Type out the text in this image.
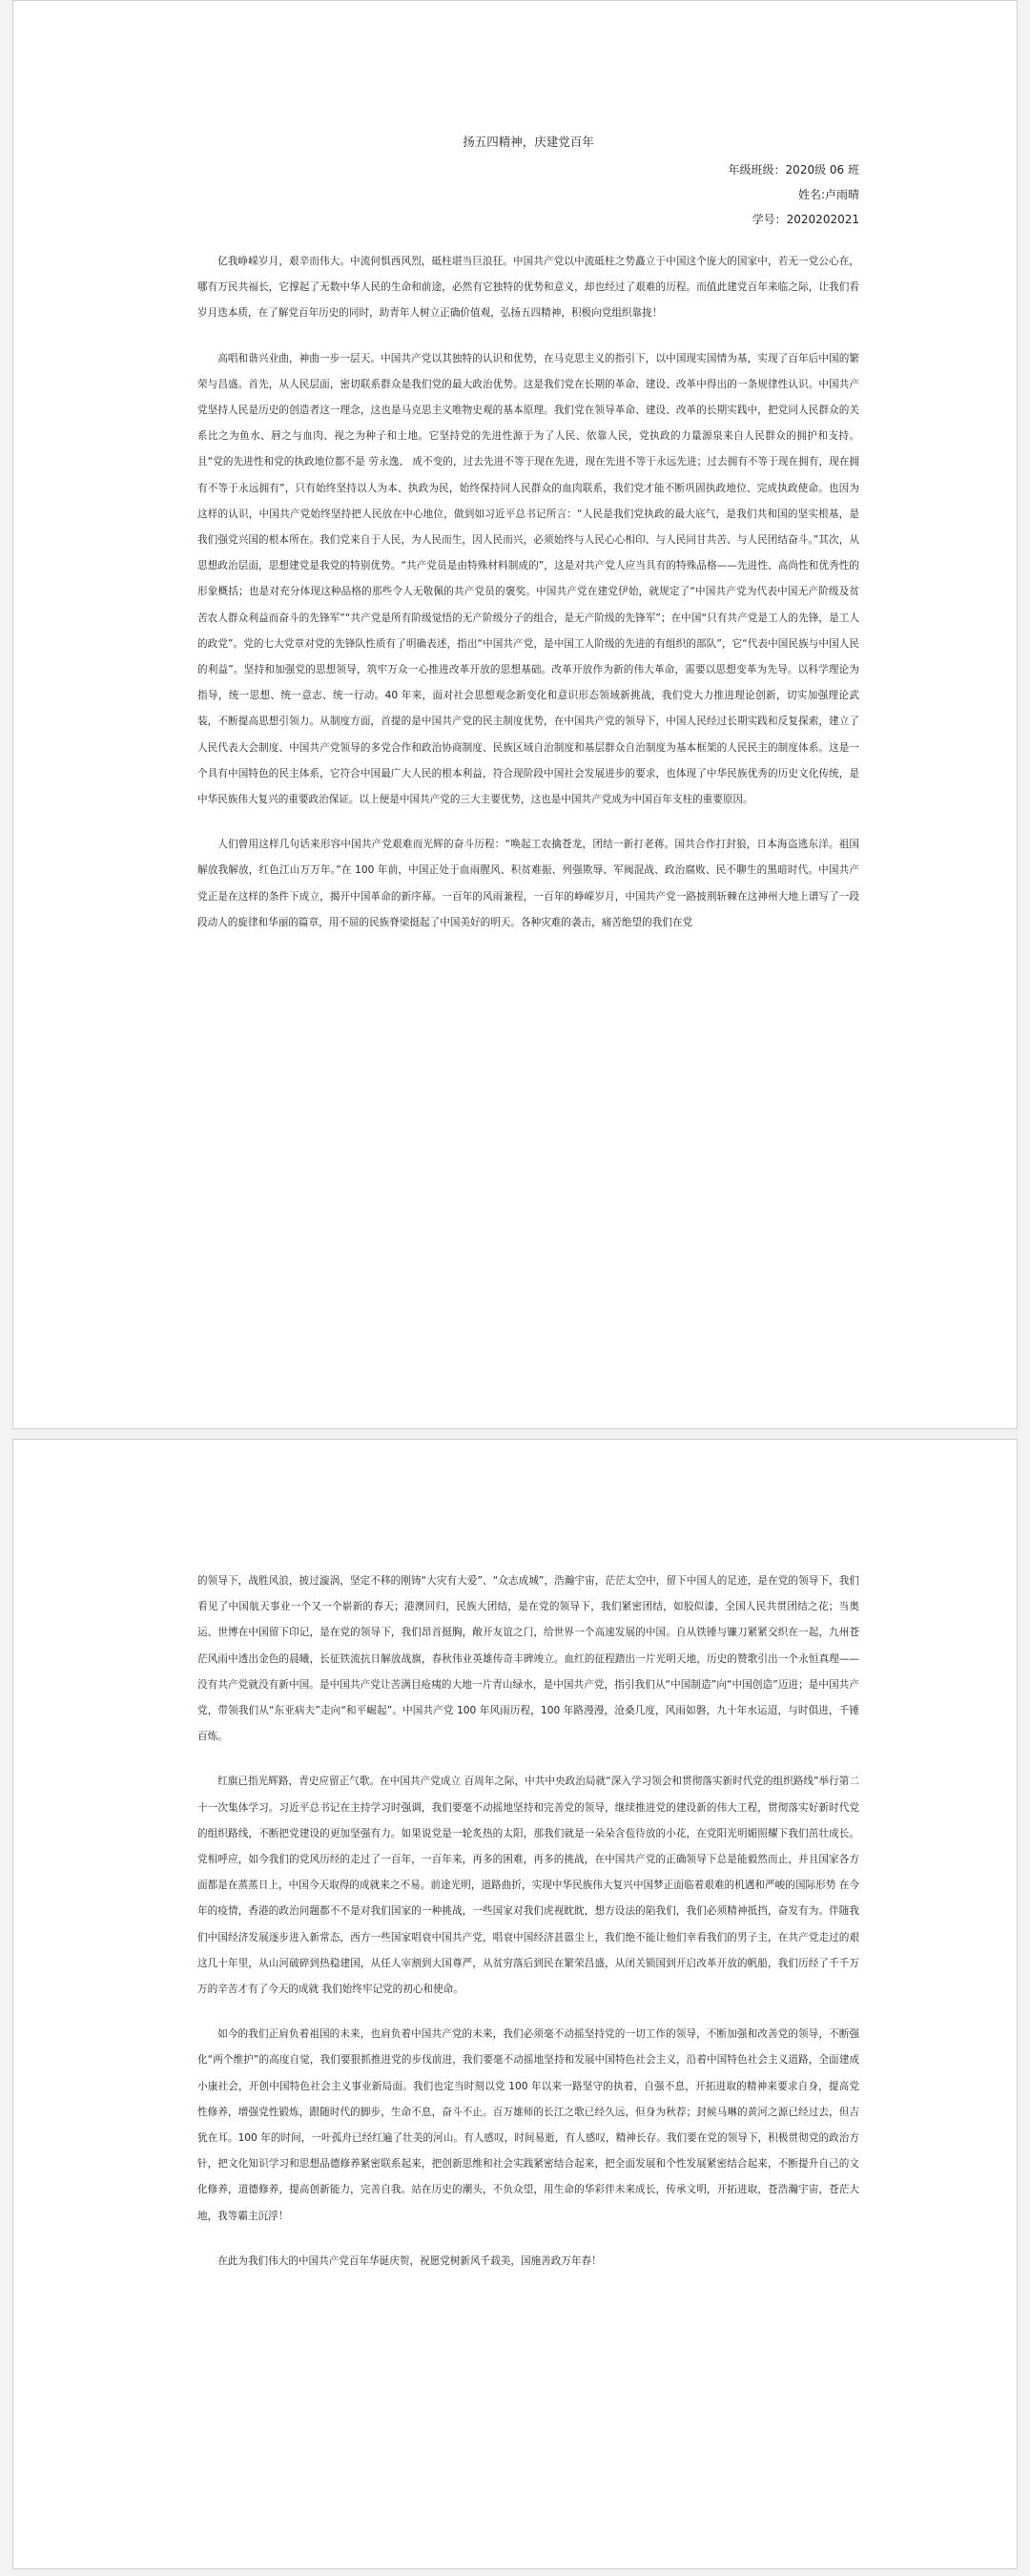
扬五四精神，庆建党百年

年级班级：2020级 06 班

姓名:卢雨晴

学号：2020202021

亿我峥嵘岁月，艰辛而伟大。中流何惧西风烈，砥柱堪当巨浪狂。中国共产党以中流砥柱之势矗立于中国这个庞大的国家中，若无一党公心在，哪有万民共福长，它撑起了无数中华人民的生命和前途，必然有它独特的优势和意义，却也经过了艰难的历程。而值此建党百年来临之际，让我们看岁月迭本质，在了解党百年历史的同时，助青年人树立正确价值观，弘扬五四精神，积极向党组织靠拢！

高唱和谐兴业曲，神曲一步一层天。中国共产党以其独特的认识和优势，在马克思主义的指引下，以中国现实国情为基，实现了百年后中国的繁荣与昌盛。首先，从人民层面，密切联系群众是我们党的最大政治优势。这是我们党在长期的革命、建设、改革中得出的一条规律性认识。中国共产党坚持人民是历史的创造者这一理念，这也是马克思主义唯物史观的基本原理。我们党在领导革命、建设、改革的长期实践中，把党同人民群众的关系比之为鱼水、唇之与血肉、视之为种子和土地。它坚持党的先进性源于为了人民、依靠人民，党执政的力量源泉来自人民群众的拥护和支持。且“党的先进性和党的执政地位都不是 劳永逸、 成不变的，过去先进不等于现在先进，现在先进不等于永远先进；过去拥有不等于现在拥有，现在拥有不等于永远拥有”，只有始终坚持以人为本、执政为民，始终保持同人民群众的血肉联系，我们党才能不断巩固执政地位、完成执政使命。也因为这样的认识，中国共产党始终坚持把人民放在中心地位，做到如习近平总书记所言：“人民是我们党执政的最大底气，是我们共和国的坚实根基，是我们强党兴国的根本所在。我们党来自于人民，为人民而生，因人民而兴，必须始终与人民心心相印、与人民同甘共苦、与人民团结奋斗。”其次，从思想政治层面，思想建党是我党的特别优势。“共产党员是由特殊材料制成的”，这是对共产党人应当具有的特殊品格——先进性、高尚性和优秀性的形象概括；也是对充分体现这种品格的那些令人无敬佩的共产党员的褒奖。中国共产党在建党伊始，就规定了“中国共产党为代表中国无产阶级及贫苦农人群众利益而奋斗的先锋军”“共产党是所有阶级觉悟的无产阶级分子的组合，是无产阶级的先锋军”；在中国“只有共产党是工人的先锋，是工人的政党”。党的七大党章对党的先锋队性质有了明确表述，指出“中国共产党，是中国工人阶级的先进的有组织的部队”，它“代表中国民族与中国人民的利益”。坚持和加强党的思想领导，筑牢万众一心推进改革开放的思想基础。改革开放作为新的伟大革命，需要以思想变革为先导。以科学理论为指导，统一思想、统一意志、统一行动。40 年来，面对社会思想观念新变化和意识形态领域新挑战，我们党大力推进理论创新，切实加强理论武装，不断提高思想引领力。从制度方面，首提的是中国共产党的民主制度优势，在中国共产党的领导下，中国人民经过长期实践和反复探索，建立了人民代表大会制度、中国共产党领导的多党合作和政治协商制度、民族区域自治制度和基层群众自治制度为基本框架的人民民主的制度体系。这是一个具有中国特色的民主体系，它符合中国最广大人民的根本利益，符合现阶段中国社会发展进步的要求，也体现了中华民族优秀的历史文化传统，是中华民族伟大复兴的重要政治保证。以上便是中国共产党的三大主要优势，这也是中国共产党成为中国百年支柱的重要原因。

人们曾用这样几句话来形容中国共产党艰难而光辉的奋斗历程：“唤起工农擒苍龙，团结一新打老蒋。国共合作打封狼，日本海盗逃东洋。祖国解放我解放，红色江山万万年。”在 100 年前，中国正处于血雨腥风、积贫难振、列强欺辱、军阀混战、政治腐败、民不聊生的黑暗时代。中国共产党正是在这样的条件下成立，揭开中国革命的新序幕。一百年的风雨兼程，一百年的峥嵘岁月，中国共产党一路披荆斩棘在这神州大地上谱写了一段段动人的旋律和华丽的篇章，用不屈的民族脊梁挺起了中国美好的明天。各种灾难的袭击，痛苦绝望的我们在党

的领导下，战胜风浪，披过漩涡，坚定不移的刚铸“大灾有大爱”、“众志成城”，浩瀚宇宙，茫茫太空中，留下中国人的足迹，是在党的领导下，我们看见了中国航天事业一个又一个崭新的春天；港澳回归，民族大团结，是在党的领导下，我们紧密团结，如胶似漆，全国人民共贯团结之花；当奥运、世博在中国留下印记，是在党的领导下，我们昂首挺胸，敞开友谊之门，给世界一个高速发展的中国。自从铁锤与镰刀紧紧交织在一起，九州苍茫风雨中透出金色的晨曦，长征铁流抗日解放战旗，春秋伟业英雄传奇丰碑竣立。血红的征程踏出一片光明天地，历史的赞歌引出一个永恒真理——没有共产党就没有新中国。是中国共产党让苦满目疮痍的大地一片青山绿水，是中国共产党，指引我们从“中国制造”向“中国创造”迈进；是中国共产党，带领我们从“东亚病夫”走向“和平崛起”。中国共产党 100 年风雨历程，100 年路漫漫，沧桑几度，风雨如磐，九十年水运迢，与时俱进，千锤百炼。

红旗已指光辉路，青史应留正气歌。在中国共产党成立 百周年之际，中共中央政治局就“深入学习领会和贯彻落实新时代党的组织路线”举行第二十一次集体学习。习近平总书记在主持学习时强调，我们要毫不动摇地坚持和完善党的领导，继续推进党的建设新的伟大工程，贯彻落实好新时代党的组织路线，不断把党建设的更加坚强有力。如果说党是一轮炙热的太阳，那我们就是一朵朵含苞待放的小花，在党阳光明媚照耀下我们茁壮成长。党相呼应，如今我们的党风历经的走过了一百年，一百年来，再多的困难，再多的挑战，在中国共产党的正确领导下总是能毅然而止，并且国家各方面都是在蒸蒸日上，中国今天取得的成就来之不易。前途光明，道路曲折，实现中华民族伟大复兴中国梦正面临着艰难的机遇和严峻的国际形势 在今年的疫情，香港的政治问题都不不是对我们国家的一种挑战，一些国家对我们虎视眈眈，想方设法的陷我们，我们必须精神抵挡，奋发有为。伴随我们中国经济发展逐步进入新常态，西方一些国家唱衰中国共产党，唱衰中国经济甚嚣尘上，我们绝不能让他们幸看我们的男子主，在共产党走过的艰这几十年里，从山河破碎到热稳建国，从任人宰割到大国尊严，从贫穷落后到民在繁荣昌盛，从闭关锁国到开启改革开放的帆船，我们历经了千千万万的辛苦才有了今天的成就 我们始终牢记党的初心和使命。

如今的我们正肩负着祖国的未来，也肩负着中国共产党的未来，我们必须毫不动摇坚持党的一切工作的领导，不断加强和改善党的领导，不断强化“两个维护”的高度自觉，我们要狠抓推进党的步伐前进，我们要毫不动摇地坚持和发展中国特色社会主义，沿着中国特色社会主义道路，全面建成小康社会，开创中国特色社会主义事业新局面。我们也定当时刻以党 100 年以来一路坚守的执着，自强不息，开拓进取的精神来要求自身，提高党性修养，增强党性锻炼，跟随时代的脚步，生命不息，奋斗不止。百万雄师的长江之歌已经久远，但身为秋荐；封候马琳的黄河之源已经过去，但吉犹在耳。100 年的时间，一叶孤舟已经红遍了壮美的河山。有人感叹，时间易逝，有人感叹，精神长存。我们要在党的领导下，积极贯彻党的政治方针，把文化知识学习和思想品德修养紧密联系起来，把创新思维和社会实践紧密结合起来，把全面发展和个性发展紧密结合起来，不断提升自己的文化修养，道德修养，提高创新能力，完善自我。站在历史的潮头，不负众望，用生命的华彩伴未来成长，传承文明，开拓进取，苍浩瀚宇宙，苍茫大地，我等霸主沉浮！

在此为我们伟大的中国共产党百年华诞庆贺，祝愿党树新风千载美，国施善政万年春！
